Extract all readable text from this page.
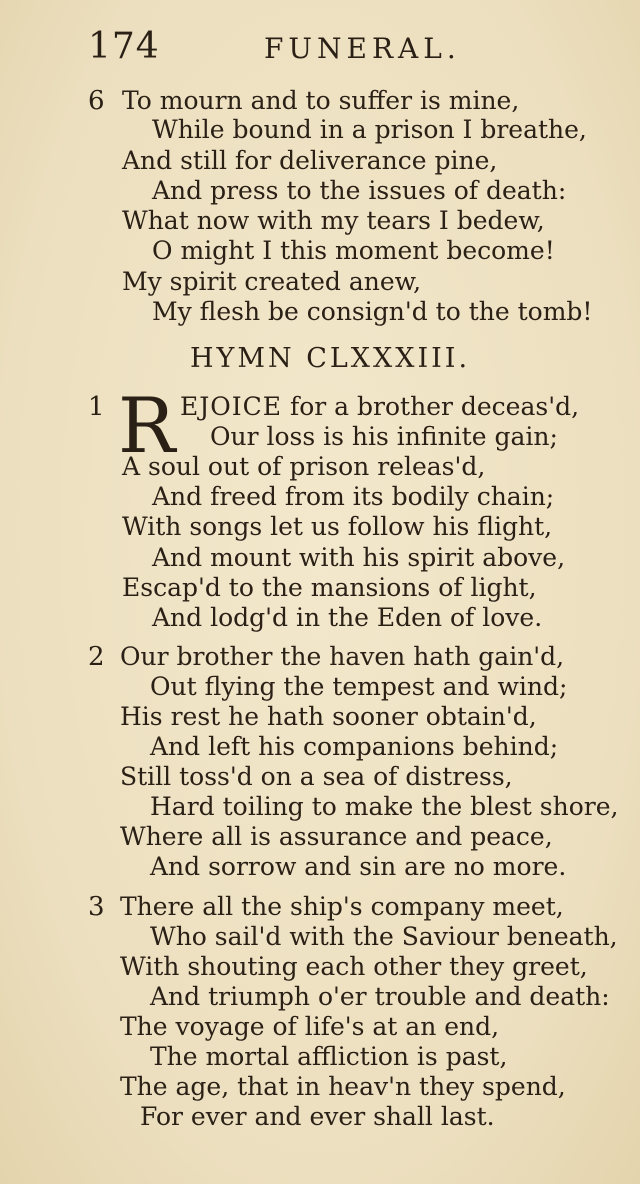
174	FUNERAL.
6 To mourn and to suffer is mine,
While bound in a prison I breathe,
And still for deliverance pine,
And press to the issues of death:
What now with my tears I bedew,
O might I this moment become!
My spirit created anew,
My flesh be consign'd to the tomb!
HYMN CLXXXIII.
1 R EJOICE for a brother deceas'd,
Our loss is his infinite gain;
A soul out of prison releas'd,
And freed from its bodily chain;
With songs let us follow his flight,
And mount with his spirit above,
Escap'd to the mansions of light,
And lodg'd in the Eden of love.
2 Our brother the haven hath gain'd,
Out flying the tempest and wind;
His rest he hath sooner obtain'd,
And left his companions behind;
Still toss'd on a sea of distress,
Hard toiling to make the blest shore,
Where all is assurance and peace,
And sorrow and sin are no more.
3 There all the ship's company meet,
Who sail'd with the Saviour beneath,
With shouting each other they greet,
And triumph o'er trouble and death:
The voyage of life's at an end,
The mortal affliction is past,
The age, that in heav'n they spend,
For ever and ever shall last.
